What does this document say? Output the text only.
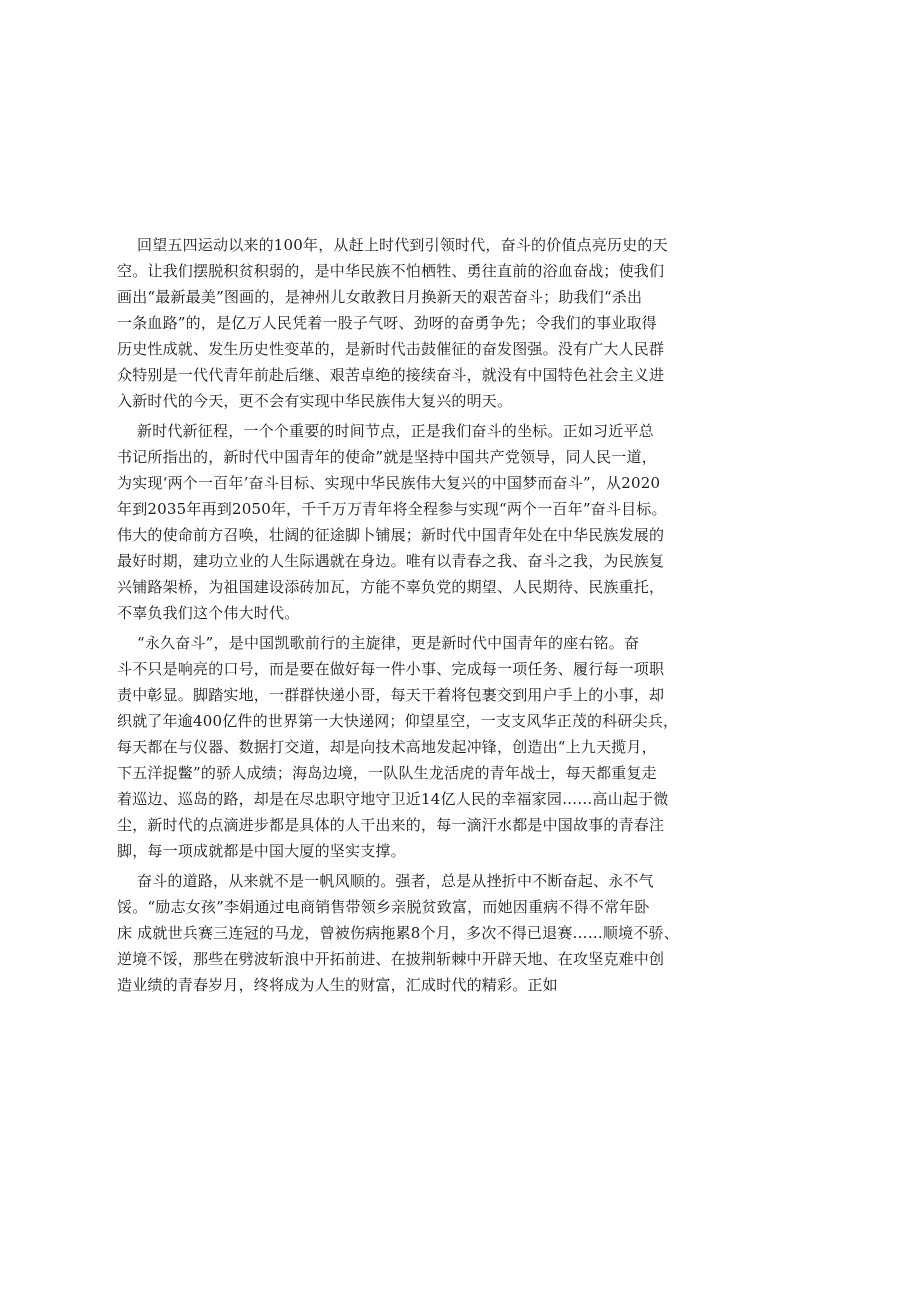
回望五四运动以来的100年，从赶上时代到引领时代，奋斗的价值点亮历史的天
空。让我们摆脱积贫积弱的，是中华民族不怕栖牲、勇往直前的浴血奋战；使我们
画出“最新最美”图画的，是神州儿女敢教日月换新天的艰苦奋斗；助我们“杀出
一条血路”的，是亿万人民凭着一股子气呀、劲呀的奋勇争先；令我们的事业取得
历史性成就、发生历史性变革的，是新时代击鼓催征的奋发图强。没有广大人民群
众特别是一代代青年前赴后继、艰苦卓绝的接续奋斗，就没有中国特色社会主义进
入新时代的今天，更不会有实现中华民族伟大复兴的明天。
新时代新征程，一个个重要的时间节点，正是我们奋斗的坐标。正如习近平总
书记所指出的，新时代中国青年的使命”就是坚持中国共产党领导，同人民一道，
为实现‘两个一百年’奋斗目标、实现中华民族伟大复兴的中国梦而奋斗”，从2020
年到2035年再到2050年，千千万万青年将全程参与实现“两个一百年”奋斗目标。
伟大的使命前方召唤，壮阔的征途脚卜铺展；新时代中国青年处在中华民族发展的
最好时期，建功立业的人生际遇就在身边。唯有以青春之我、奋斗之我，为民族复
兴铺路架桥，为祖国建设添砖加瓦，方能不辜负党的期望、人民期待、民族重托，
不辜负我们这个伟大时代。
“永久奋斗”，是中国凯歌前行的主旋律，更是新时代中国青年的座右铭。奋
斗不只是响亮的口号，而是要在做好每一件小事、完成每一项任务、履行每一项职
责中彰显。脚踏实地，一群群快递小哥，每天干着将包裹交到用户手上的小事，却
织就了年逾400亿件的世界第一大快递网；仰望星空，一支支风华正茂的科研尖兵，
每天都在与仪器、数据打交道，却是向技术高地发起冲锋，创造出“上九天揽月，
下五洋捉鳖”的骄人成绩；海岛边境，一队队生龙活虎的青年战士，每天都重复走
着巡边、巡岛的路，却是在尽忠职守地守卫近14亿人民的幸福家园……高山起于微
尘，新时代的点滴进步都是具体的人干出来的，每一滴汗水都是中国故事的青春注
脚，每一项成就都是中国大厦的坚实支撑。
奋斗的道路，从来就不是一帆风顺的。强者，总是从挫折中不断奋起、永不气
馁。“励志女孩”李娟通过电商销售带领乡亲脱贫致富，而她因重病不得不常年卧
床 成就世兵赛三连冠的马龙，曾被伤病拖累8个月，多次不得已退赛……顺境不骄、
逆境不馁，那些在劈波斩浪中开拓前进、在披荆斩棘中开辟天地、在攻坚克难中创
造业绩的青春岁月，终将成为人生的财富，汇成时代的精彩。正如
